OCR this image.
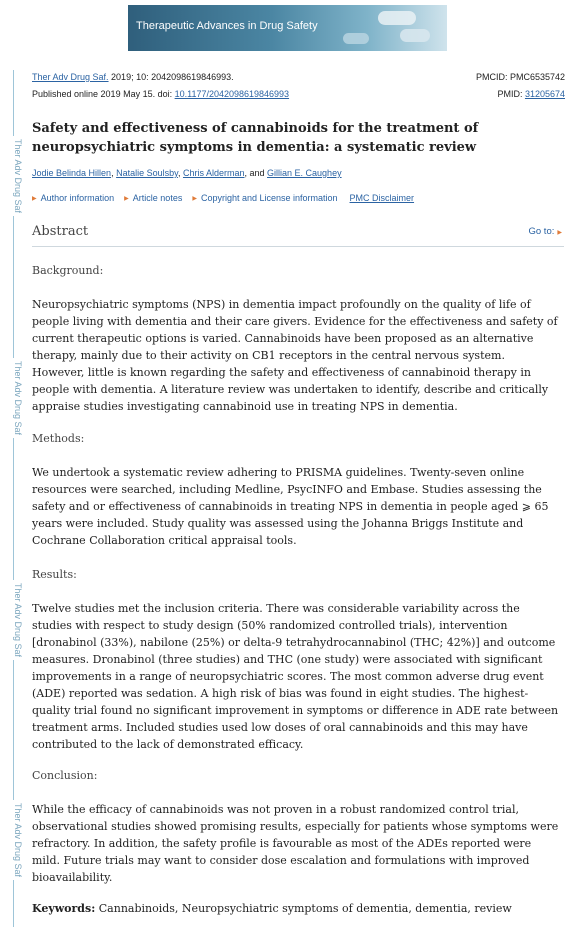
Therapeutic Advances in Drug Safety
Ther Adv Drug Saf
Ther Adv Drug Saf
Ther Adv Drug Saf
Ther Adv Drug Saf
Ther Adv Drug Saf. 2019; 10: 2042098619846993.
Published online 2019 May 15. doi: 10.1177/2042098619846993
PMCID: PMC6535742
PMID: 31205674
Safety and effectiveness of cannabinoids for the treatment of neuropsychiatric symptoms in dementia: a systematic review
Jodie Belinda Hillen, Natalie Soulsby, Chris Alderman, and Gillian E. Caughey
▶ Author information ▶ Article notes ▶ Copyright and License information PMC Disclaimer
Abstract	Go to: ▶
Background:
Neuropsychiatric symptoms (NPS) in dementia impact profoundly on the quality of life of people living with dementia and their care givers. Evidence for the effectiveness and safety of current therapeutic options is varied. Cannabinoids have been proposed as an alternative therapy, mainly due to their activity on CB1 receptors in the central nervous system. However, little is known regarding the safety and effectiveness of cannabinoid therapy in people with dementia. A literature review was undertaken to identify, describe and critically appraise studies investigating cannabinoid use in treating NPS in dementia.
Methods:
We undertook a systematic review adhering to PRISMA guidelines. Twenty-seven online resources were searched, including Medline, PsycINFO and Embase. Studies assessing the safety and or effectiveness of cannabinoids in treating NPS in dementia in people aged ⩾ 65 years were included. Study quality was assessed using the Johanna Briggs Institute and Cochrane Collaboration critical appraisal tools.
Results:
Twelve studies met the inclusion criteria. There was considerable variability across the studies with respect to study design (50% randomized controlled trials), intervention [dronabinol (33%), nabilone (25%) or delta-9 tetrahydrocannabinol (THC; 42%)] and outcome measures. Dronabinol (three studies) and THC (one study) were associated with significant improvements in a range of neuropsychiatric scores. The most common adverse drug event (ADE) reported was sedation. A high risk of bias was found in eight studies. The highest-quality trial found no significant improvement in symptoms or difference in ADE rate between treatment arms. Included studies used low doses of oral cannabinoids and this may have contributed to the lack of demonstrated efficacy.
Conclusion:
While the efficacy of cannabinoids was not proven in a robust randomized control trial, observational studies showed promising results, especially for patients whose symptoms were refractory. In addition, the safety profile is favourable as most of the ADEs reported were mild. Future trials may want to consider dose escalation and formulations with improved bioavailability.
Keywords: Cannabinoids, Neuropsychiatric symptoms of dementia, dementia, review
